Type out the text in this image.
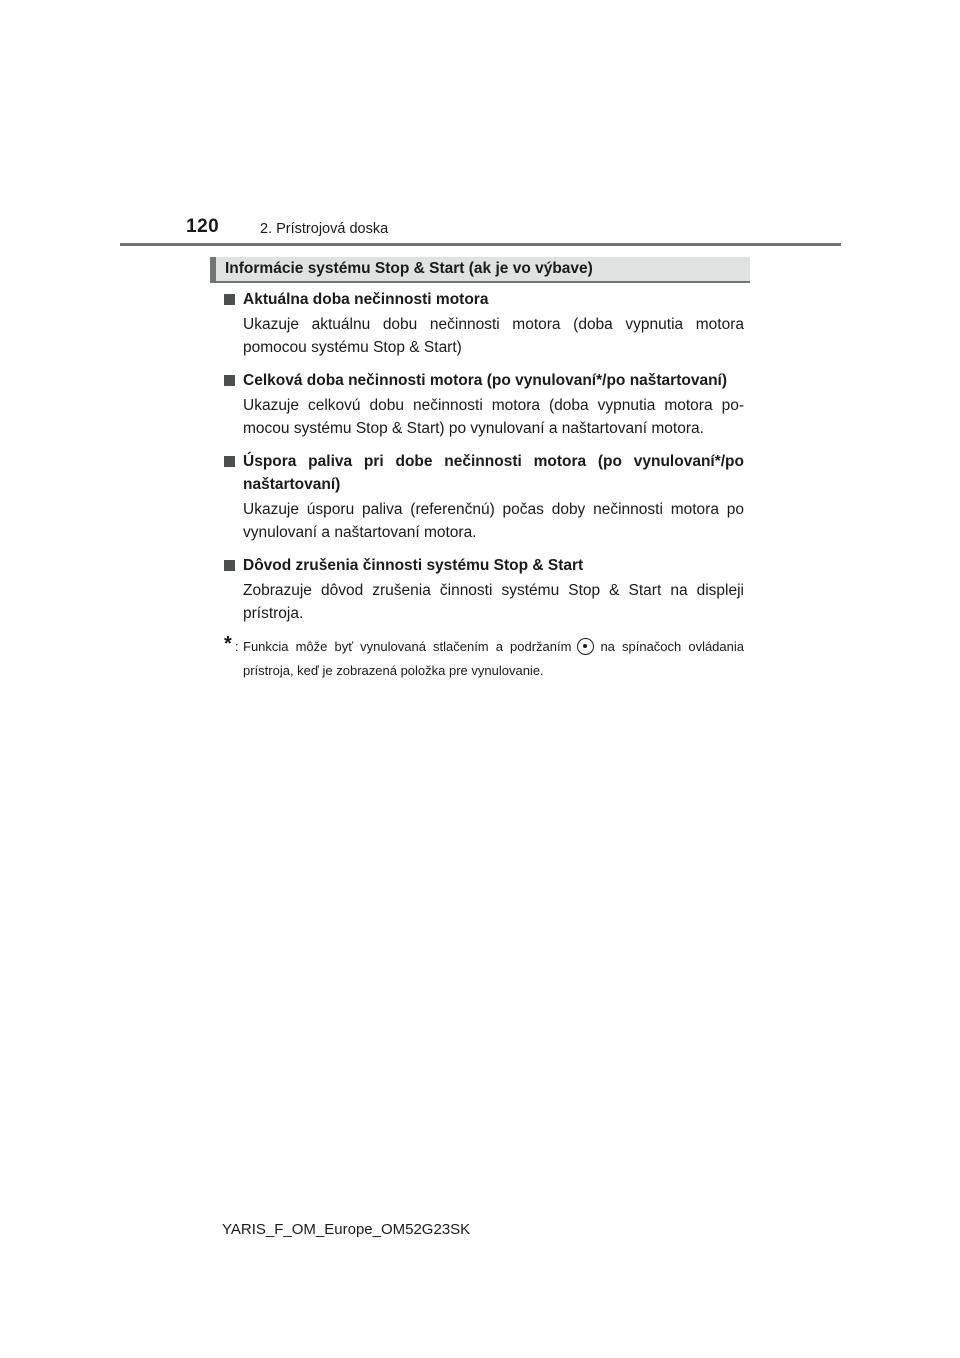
120	2. Prístrojová doska
Informácie systému Stop & Start (ak je vo výbave)
Aktuálna doba nečinnosti motora
Ukazuje aktuálnu dobu nečinnosti motora (doba vypnutia motora pomocou systému Stop & Start)
Celková doba nečinnosti motora (po vynulovaní*/po naštartovaní)
Ukazuje celkovú dobu nečinnosti motora (doba vypnutia motora pomocou systému Stop & Start) po vynulovaní a naštartovaní motora.
Úspora paliva pri dobe nečinnosti motora (po vynulovaní*/po naštartovaní)
Ukazuje úsporu paliva (referenčnú) počas doby nečinnosti motora po vynulovaní a naštartovaní motora.
Dôvod zrušenia činnosti systému Stop & Start
Zobrazuje dôvod zrušenia činnosti systému Stop & Start na displeji prístroja.
* : Funkcia môže byť vynulovaná stlačením a podržaním na spínačoch ovládania prístroja, keď je zobrazená položka pre vynulovanie.
YARIS_F_OM_Europe_OM52G23SK
